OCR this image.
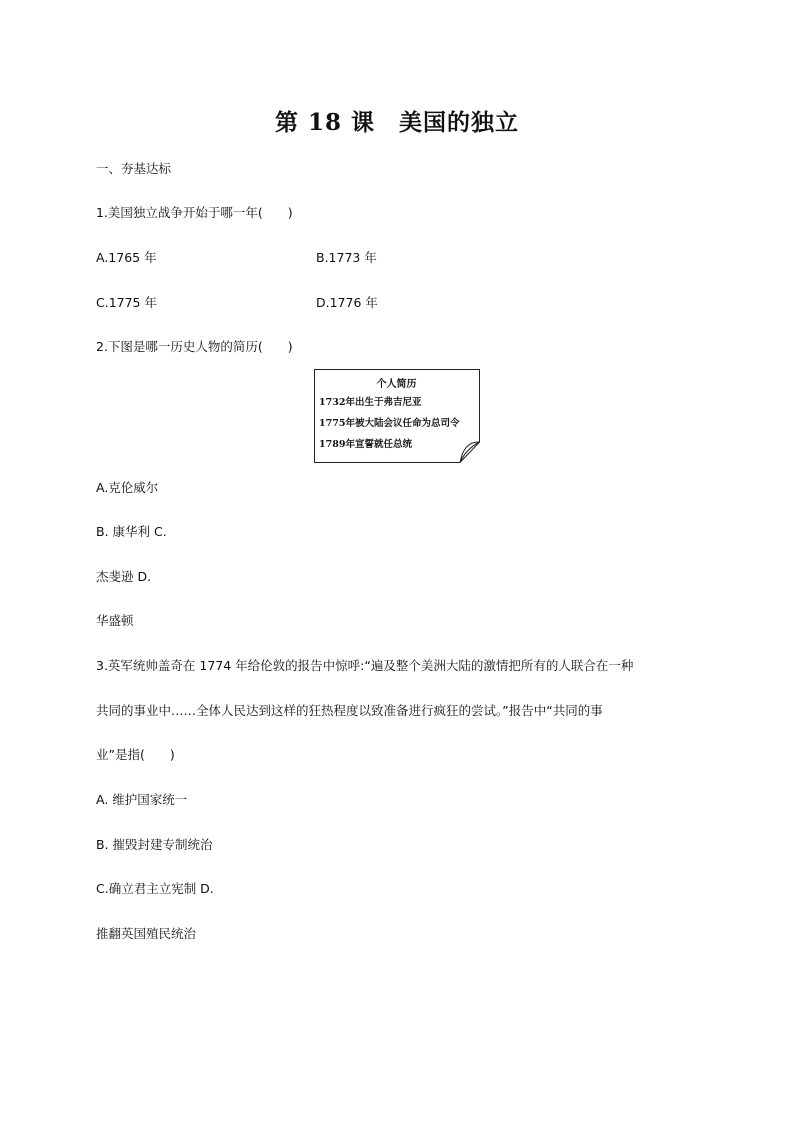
第 18 课　美国的独立
一、夯基达标
1.美国独立战争开始于哪一年(　　)
A.1765 年	B.1773 年
C.1775 年	D.1776 年
2.下图是哪一历史人物的简历(　　)
个人简历
1732年出生于弗吉尼亚
1775年被大陆会议任命为总司令
1789年宣誓就任总统
A.克伦威尔
B. 康华利 C.
杰斐逊 D.
华盛顿
3.英军统帅盖奇在 1774 年给伦敦的报告中惊呼:“遍及整个美洲大陆的激情把所有的人联合在一种
共同的事业中……全体人民达到这样的狂热程度以致准备进行疯狂的尝试。”报告中“共同的事
业”是指(　　)
A. 维护国家统一
B. 摧毁封建专制统治
C.确立君主立宪制 D.
推翻英国殖民统治
